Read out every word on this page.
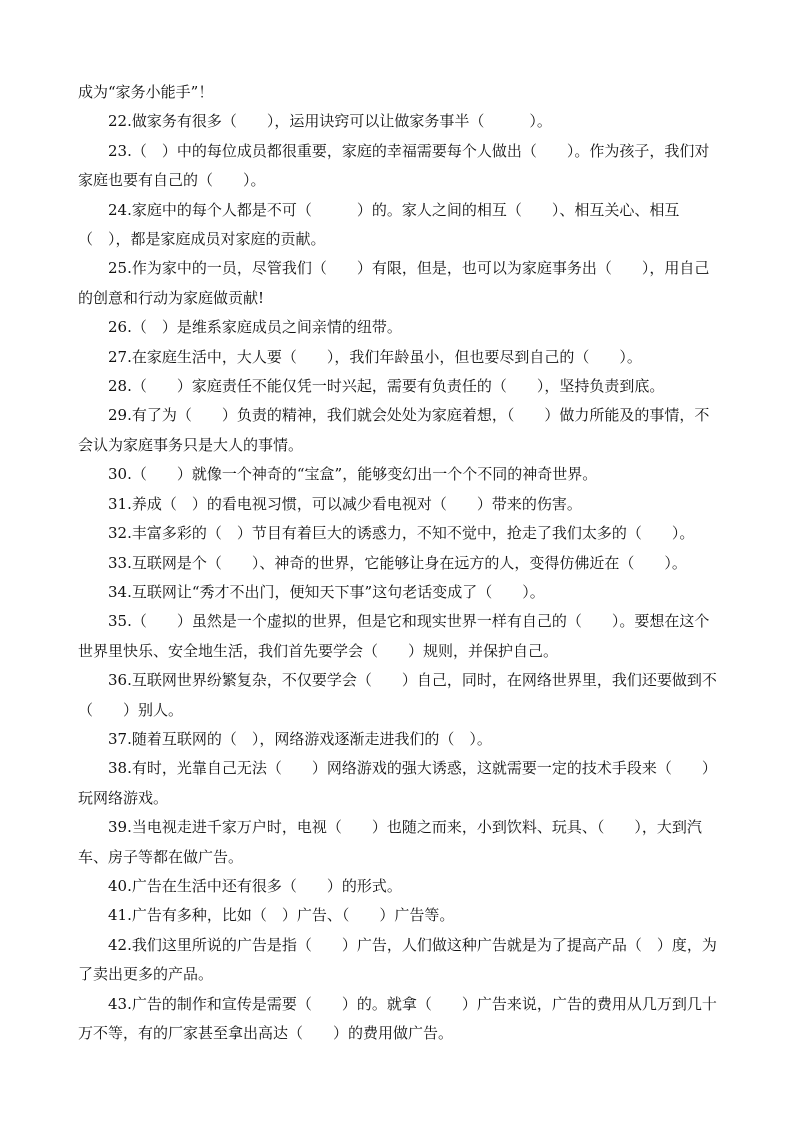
成为“家务小能手”！

22.做家务有很多（　　），运用诀窍可以让做家务事半（　　　）。

23.（　）中的每位成员都很重要，家庭的幸福需要每个人做出（　　）。作为孩子，我们对家庭也要有自己的（　　）。

24.家庭中的每个人都是不可（　　　）的。家人之间的相互（　　）、相互关心、相互（　），都是家庭成员对家庭的贡献。

25.作为家中的一员，尽管我们（　　）有限，但是，也可以为家庭事务出（　　），用自己的创意和行动为家庭做贡献!

26.（　）是维系家庭成员之间亲情的纽带。

27.在家庭生活中，大人要（　　），我们年龄虽小，但也要尽到自己的（　　）。

28.（　　）家庭责任不能仅凭一时兴起，需要有负责任的（　　），坚持负责到底。

29.有了为（　　）负责的精神，我们就会处处为家庭着想，（　　）做力所能及的事情，不会认为家庭事务只是大人的事情。

30.（　　）就像一个神奇的“宝盒”，能够变幻出一个个不同的神奇世界。

31.养成（　）的看电视习惯，可以减少看电视对（　　）带来的伤害。

32.丰富多彩的（　）节目有着巨大的诱惑力，不知不觉中，抢走了我们太多的（　　）。

33.互联网是个（　　）、神奇的世界，它能够让身在远方的人，变得仿佛近在（　　）。

34.互联网让“秀才不出门，便知天下事”这句老话变成了（　　）。

35.（　　）虽然是一个虚拟的世界，但是它和现实世界一样有自己的（　　）。要想在这个世界里快乐、安全地生活，我们首先要学会（　　）规则，并保护自己。

36.互联网世界纷繁复杂，不仅要学会（　　）自己，同时，在网络世界里，我们还要做到不（　　）别人。

37.随着互联网的（　），网络游戏逐渐走进我们的（　）。

38.有时，光靠自己无法（　　）网络游戏的强大诱惑，这就需要一定的技术手段来（　　）玩网络游戏。

39.当电视走进千家万户时，电视（　　）也随之而来，小到饮料、玩具、（　　），大到汽车、房子等都在做广告。

40.广告在生活中还有很多（　　）的形式。

41.广告有多种，比如（　）广告、（　　）广告等。

42.我们这里所说的广告是指（　　）广告，人们做这种广告就是为了提高产品（　）度，为了卖出更多的产品。

43.广告的制作和宣传是需要（　　）的。就拿（　　）广告来说，广告的费用从几万到几十万不等，有的厂家甚至拿出高达（　　）的费用做广告。
